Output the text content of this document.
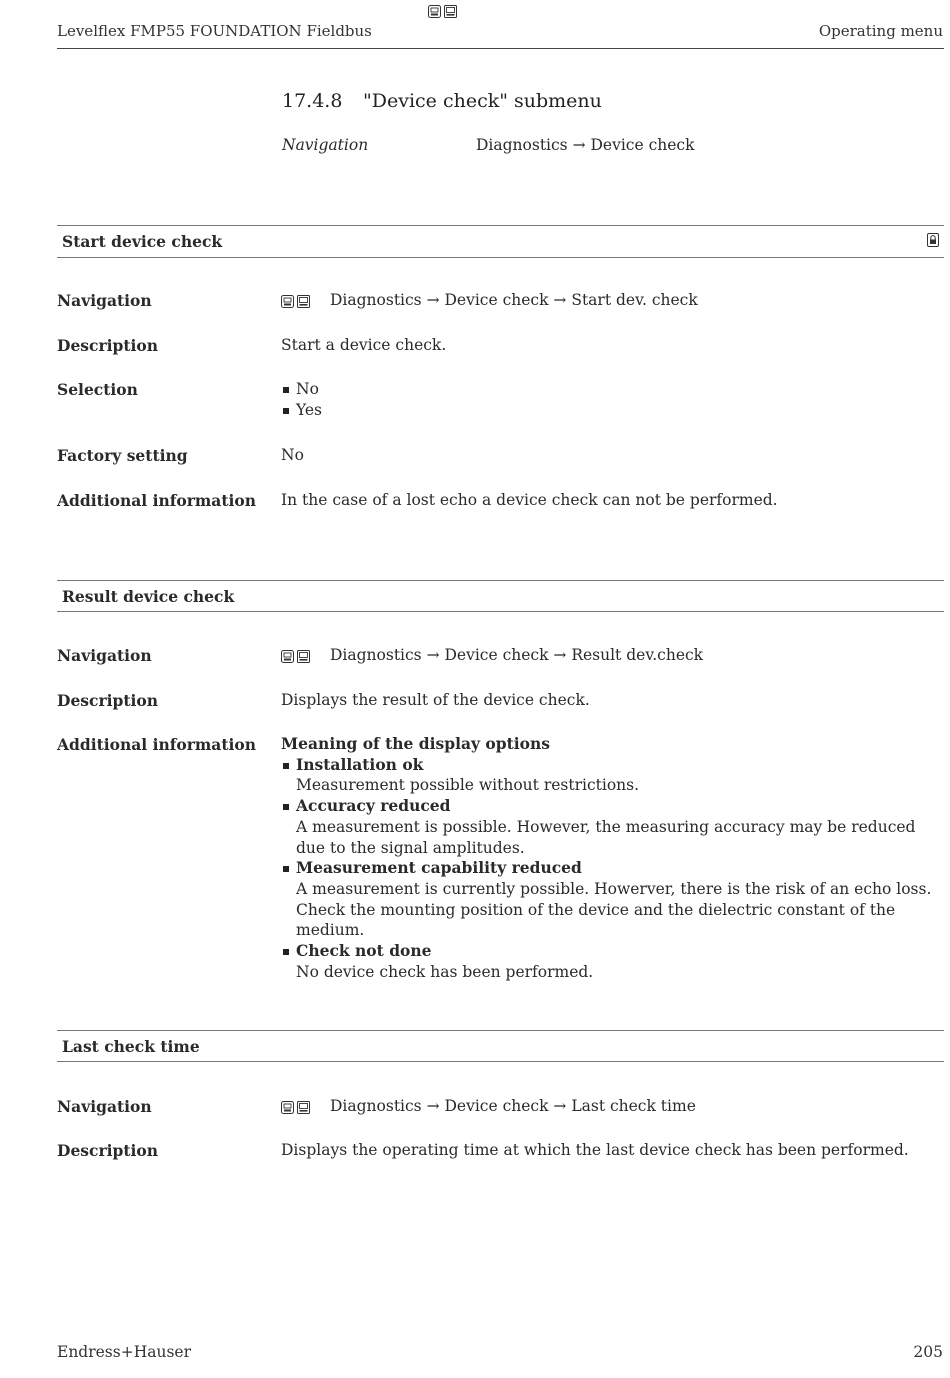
Levelflex FMP55 FOUNDATION Fieldbus	Operating menu
17.4.8 "Device check" submenu
Navigation	Diagnostics → Device check
Start device check
Navigation	Diagnostics → Device check → Start dev. check
Description	Start a device check.
Selection	No
Yes
Factory setting	No
Additional information In the case of a lost echo a device check can not be performed.
Result device check
Navigation	Diagnostics → Device check → Result dev.check
Description	Displays the result of the device check.
Additional information Meaning of the display options
Installation ok
Measurement possible without restrictions.
Accuracy reduced
A measurement is possible. However, the measuring accuracy may be reduced due to the signal amplitudes.
Measurement capability reduced
A measurement is currently possible. Howerver, there is the risk of an echo loss. Check the mounting position of the device and the dielectric constant of the medium.
Check not done
No device check has been performed.
Last check time
Navigation	Diagnostics → Device check → Last check time
Description	Displays the operating time at which the last device check has been performed.
Endress+Hauser	205
